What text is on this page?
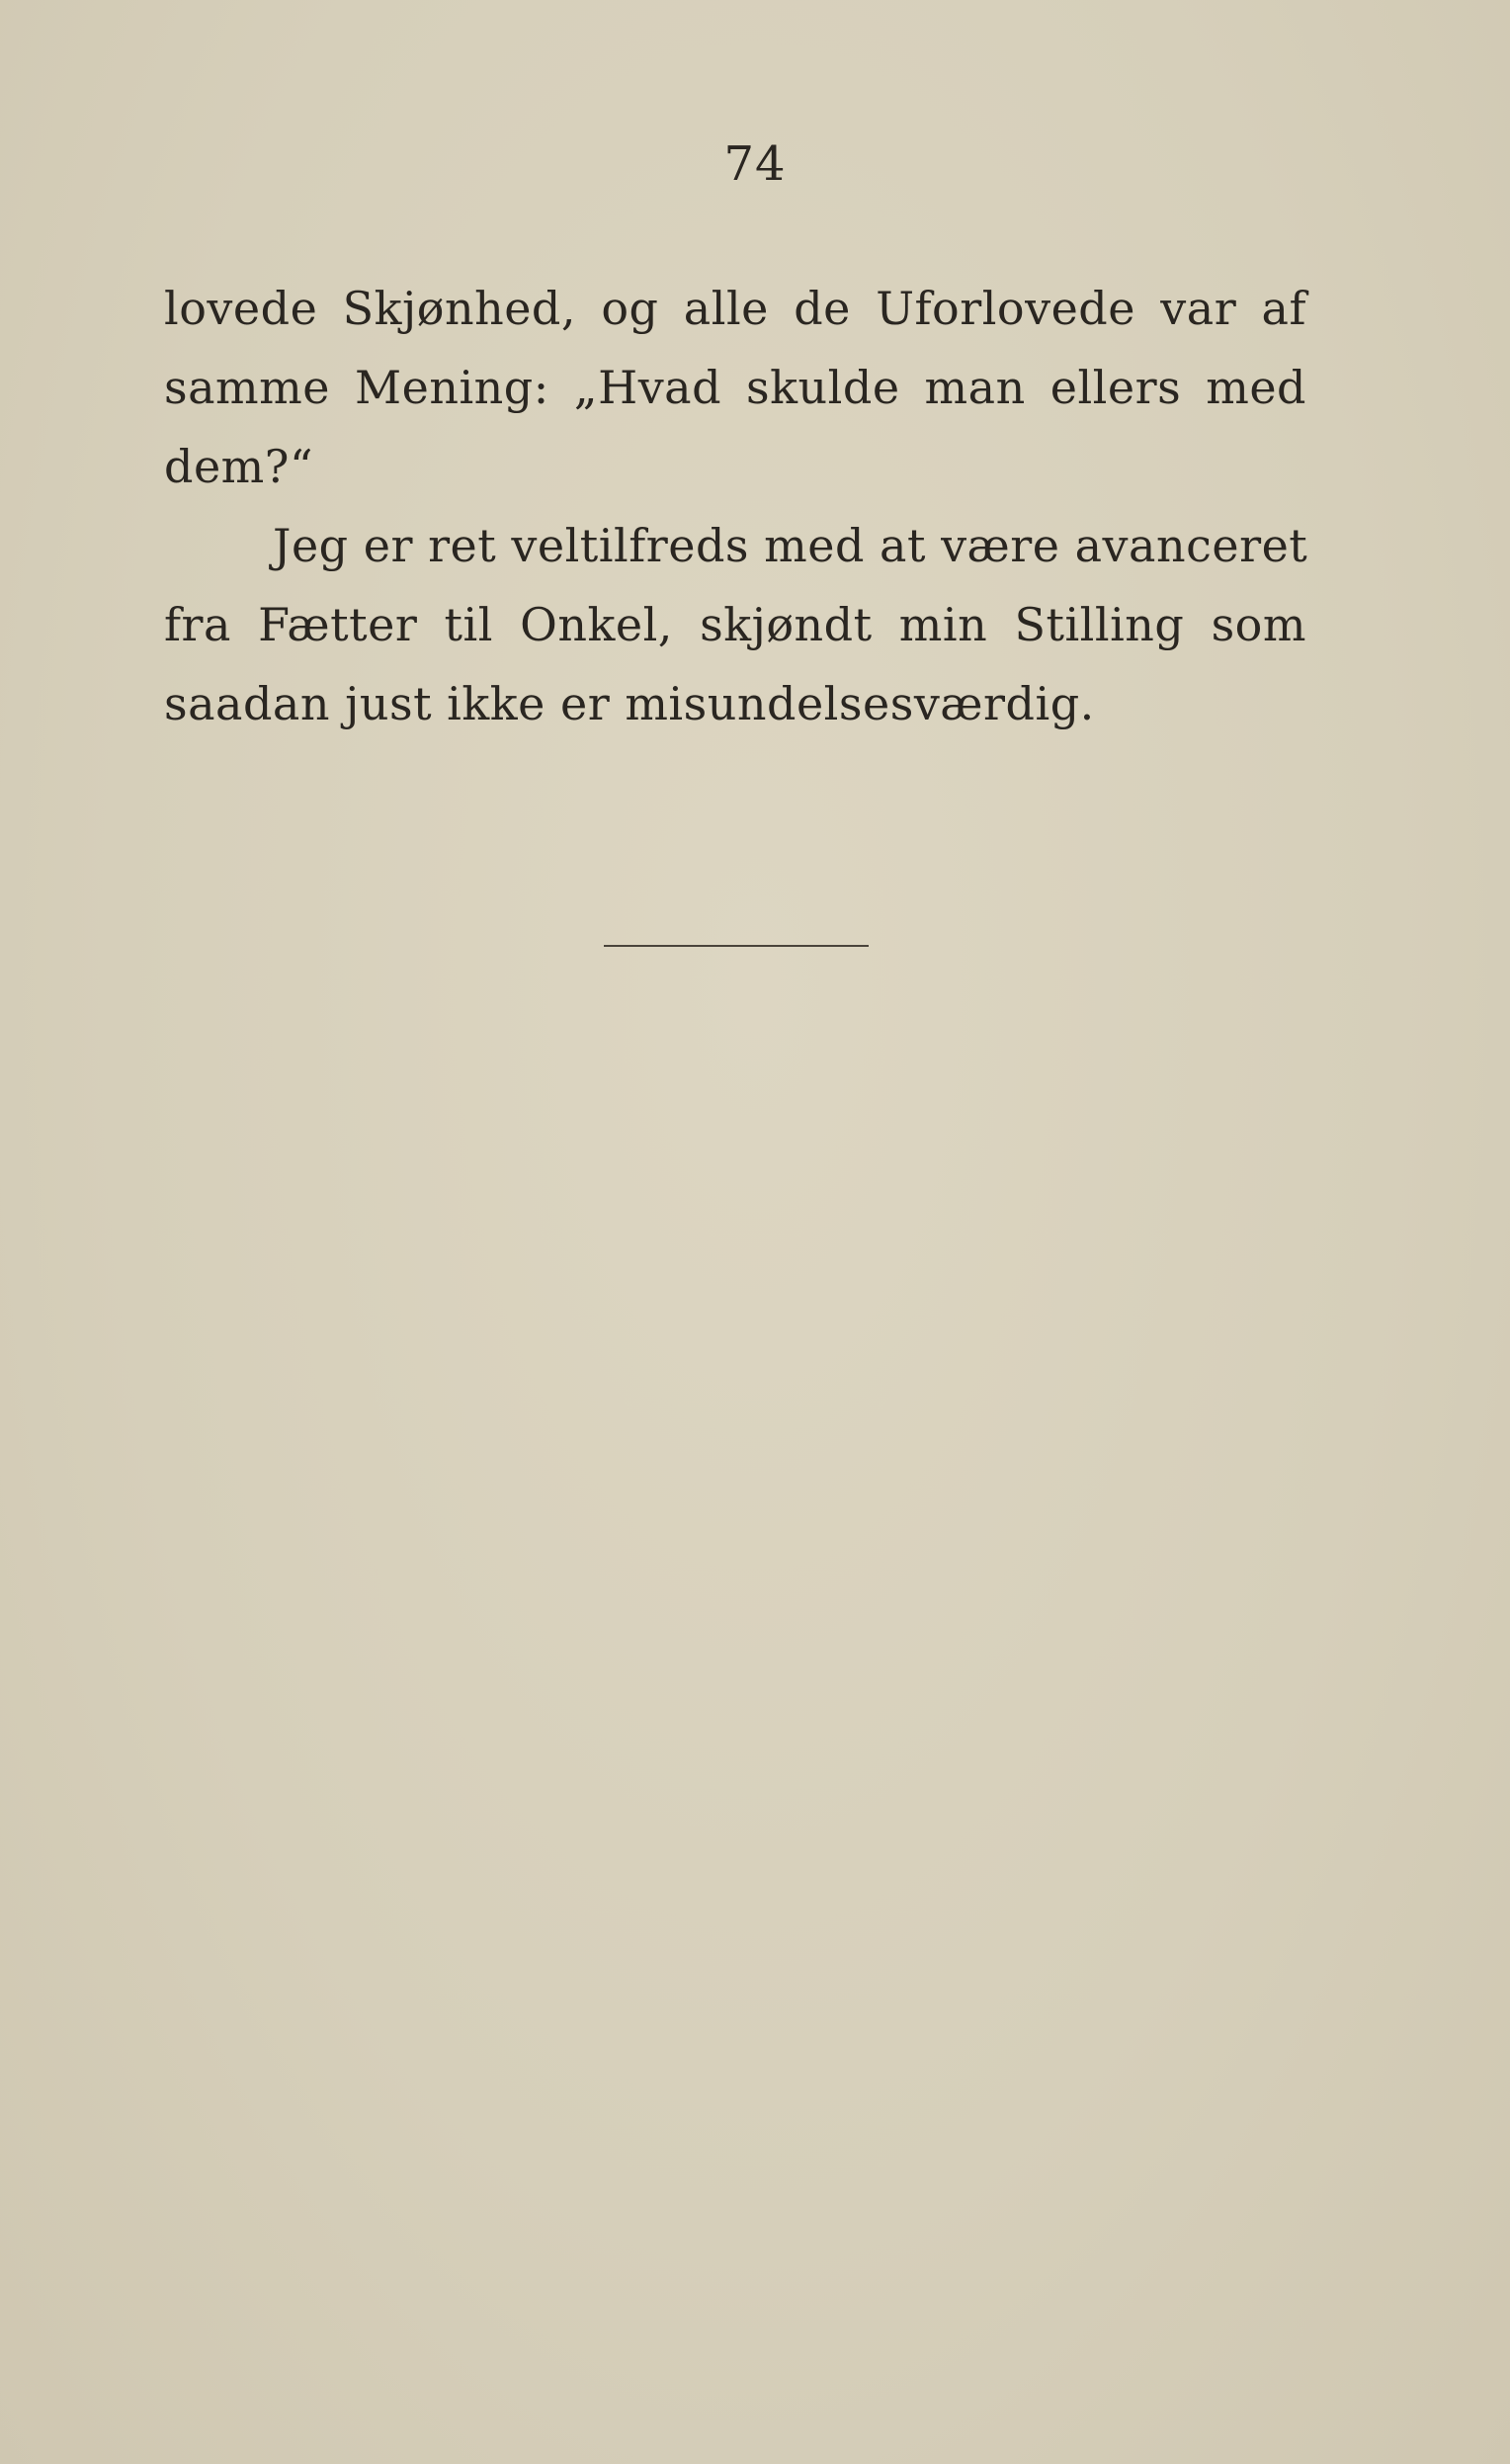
74
lovede Skjønhed, og alle de Uforlovede var af
samme Mening: „Hvad skulde man ellers med
dem?“
Jeg er ret veltilfreds med at være avanceret
fra Fætter til Onkel, skjøndt min Stilling som
saadan just ikke er misundelsesværdig.
